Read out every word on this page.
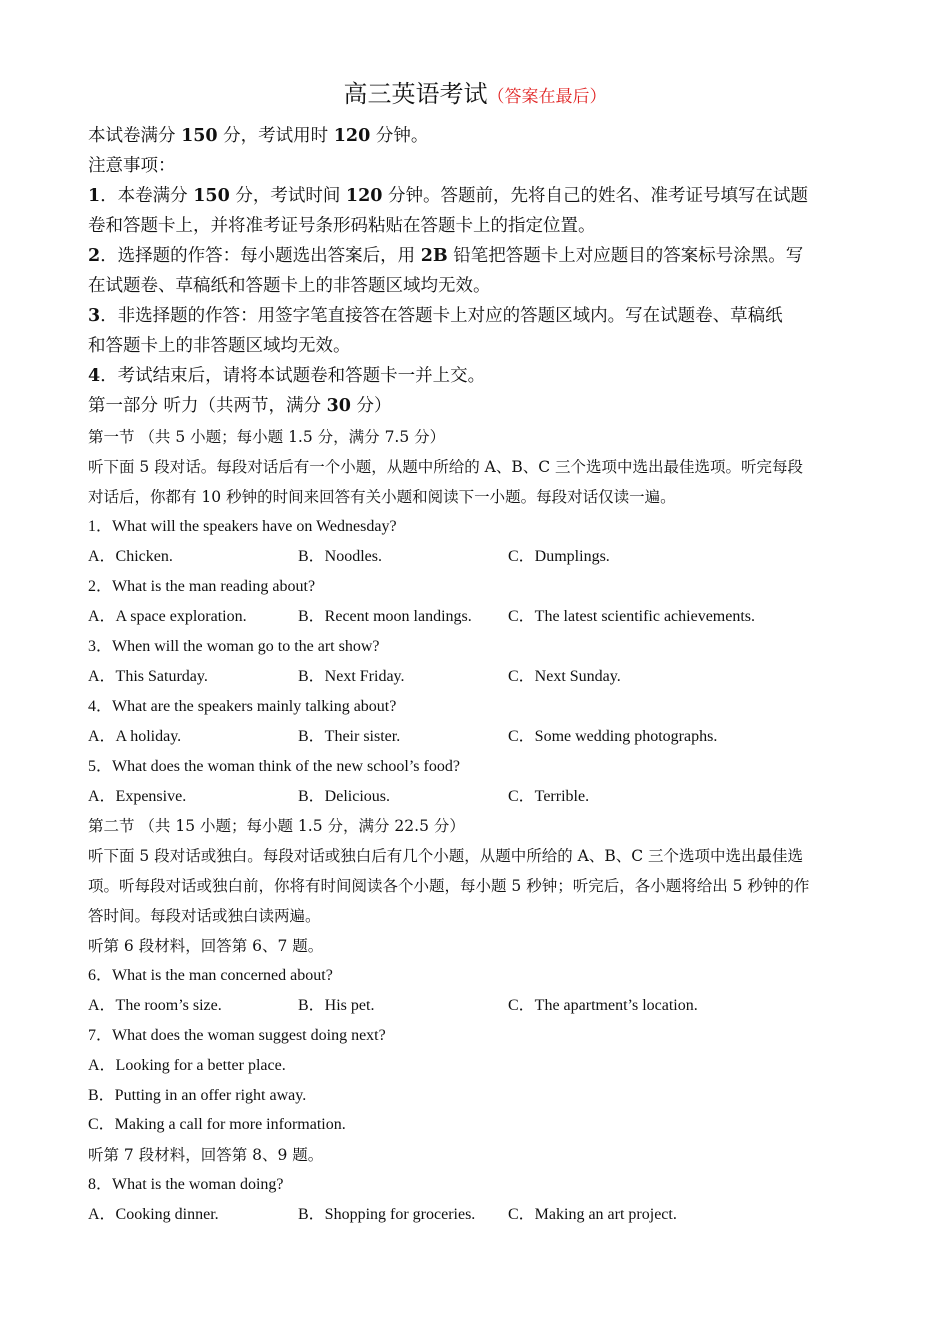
高三英语考试（答案在最后）
本试卷满分 150 分，考试用时 120 分钟。
注意事项：
1．本卷满分 150 分，考试时间 120 分钟。答题前，先将自己的姓名、准考证号填写在试题
卷和答题卡上，并将准考证号条形码粘贴在答题卡上的指定位置。
2．选择题的作答：每小题选出答案后，用 2B 铅笔把答题卡上对应题目的答案标号涂黑。写
在试题卷、草稿纸和答题卡上的非答题区域均无效。
3．非选择题的作答：用签字笔直接答在答题卡上对应的答题区域内。写在试题卷、草稿纸
和答题卡上的非答题区域均无效。
4．考试结束后，请将本试题卷和答题卡一并上交。
第一部分 听力（共两节，满分 30 分）
第一节 （共 5 小题；每小题 1.5 分，满分 7.5 分）
听下面 5 段对话。每段对话后有一个小题，从题中所给的 A、B、C 三个选项中选出最佳选项。听完每段
对话后，你都有 10 秒钟的时间来回答有关小题和阅读下一小题。每段对话仅读一遍。
1．What will the speakers have on Wednesday?
A．Chicken.	B．Noodles.	C．Dumplings.
2．What is the man reading about?
A．A space exploration.	B．Recent moon landings. C．The latest scientific achievements.
3．When will the woman go to the art show?
A．This Saturday.	B．Next Friday.	C．Next Sunday.
4．What are the speakers mainly talking about?
A．A holiday.	B．Their sister.	C．Some wedding photographs.
5．What does the woman think of the new school’s food?
A．Expensive.	B．Delicious.	C．Terrible.
第二节 （共 15 小题；每小题 1.5 分，满分 22.5 分）
听下面 5 段对话或独白。每段对话或独白后有几个小题，从题中所给的 A、B、C 三个选项中选出最佳选
项。听每段对话或独白前，你将有时间阅读各个小题，每小题 5 秒钟；听完后，各小题将给出 5 秒钟的作
答时间。每段对话或独白读两遍。
听第 6 段材料，回答第 6、7 题。
6．What is the man concerned about?
A．The room’s size.	B．His pet.	C．The apartment’s location.
7．What does the woman suggest doing next?
A．Looking for a better place.
B．Putting in an offer right away.
C．Making a call for more information.
听第 7 段材料，回答第 8、9 题。
8．What is the woman doing?
A．Cooking dinner.	B．Shopping for groceries. C．Making an art project.
